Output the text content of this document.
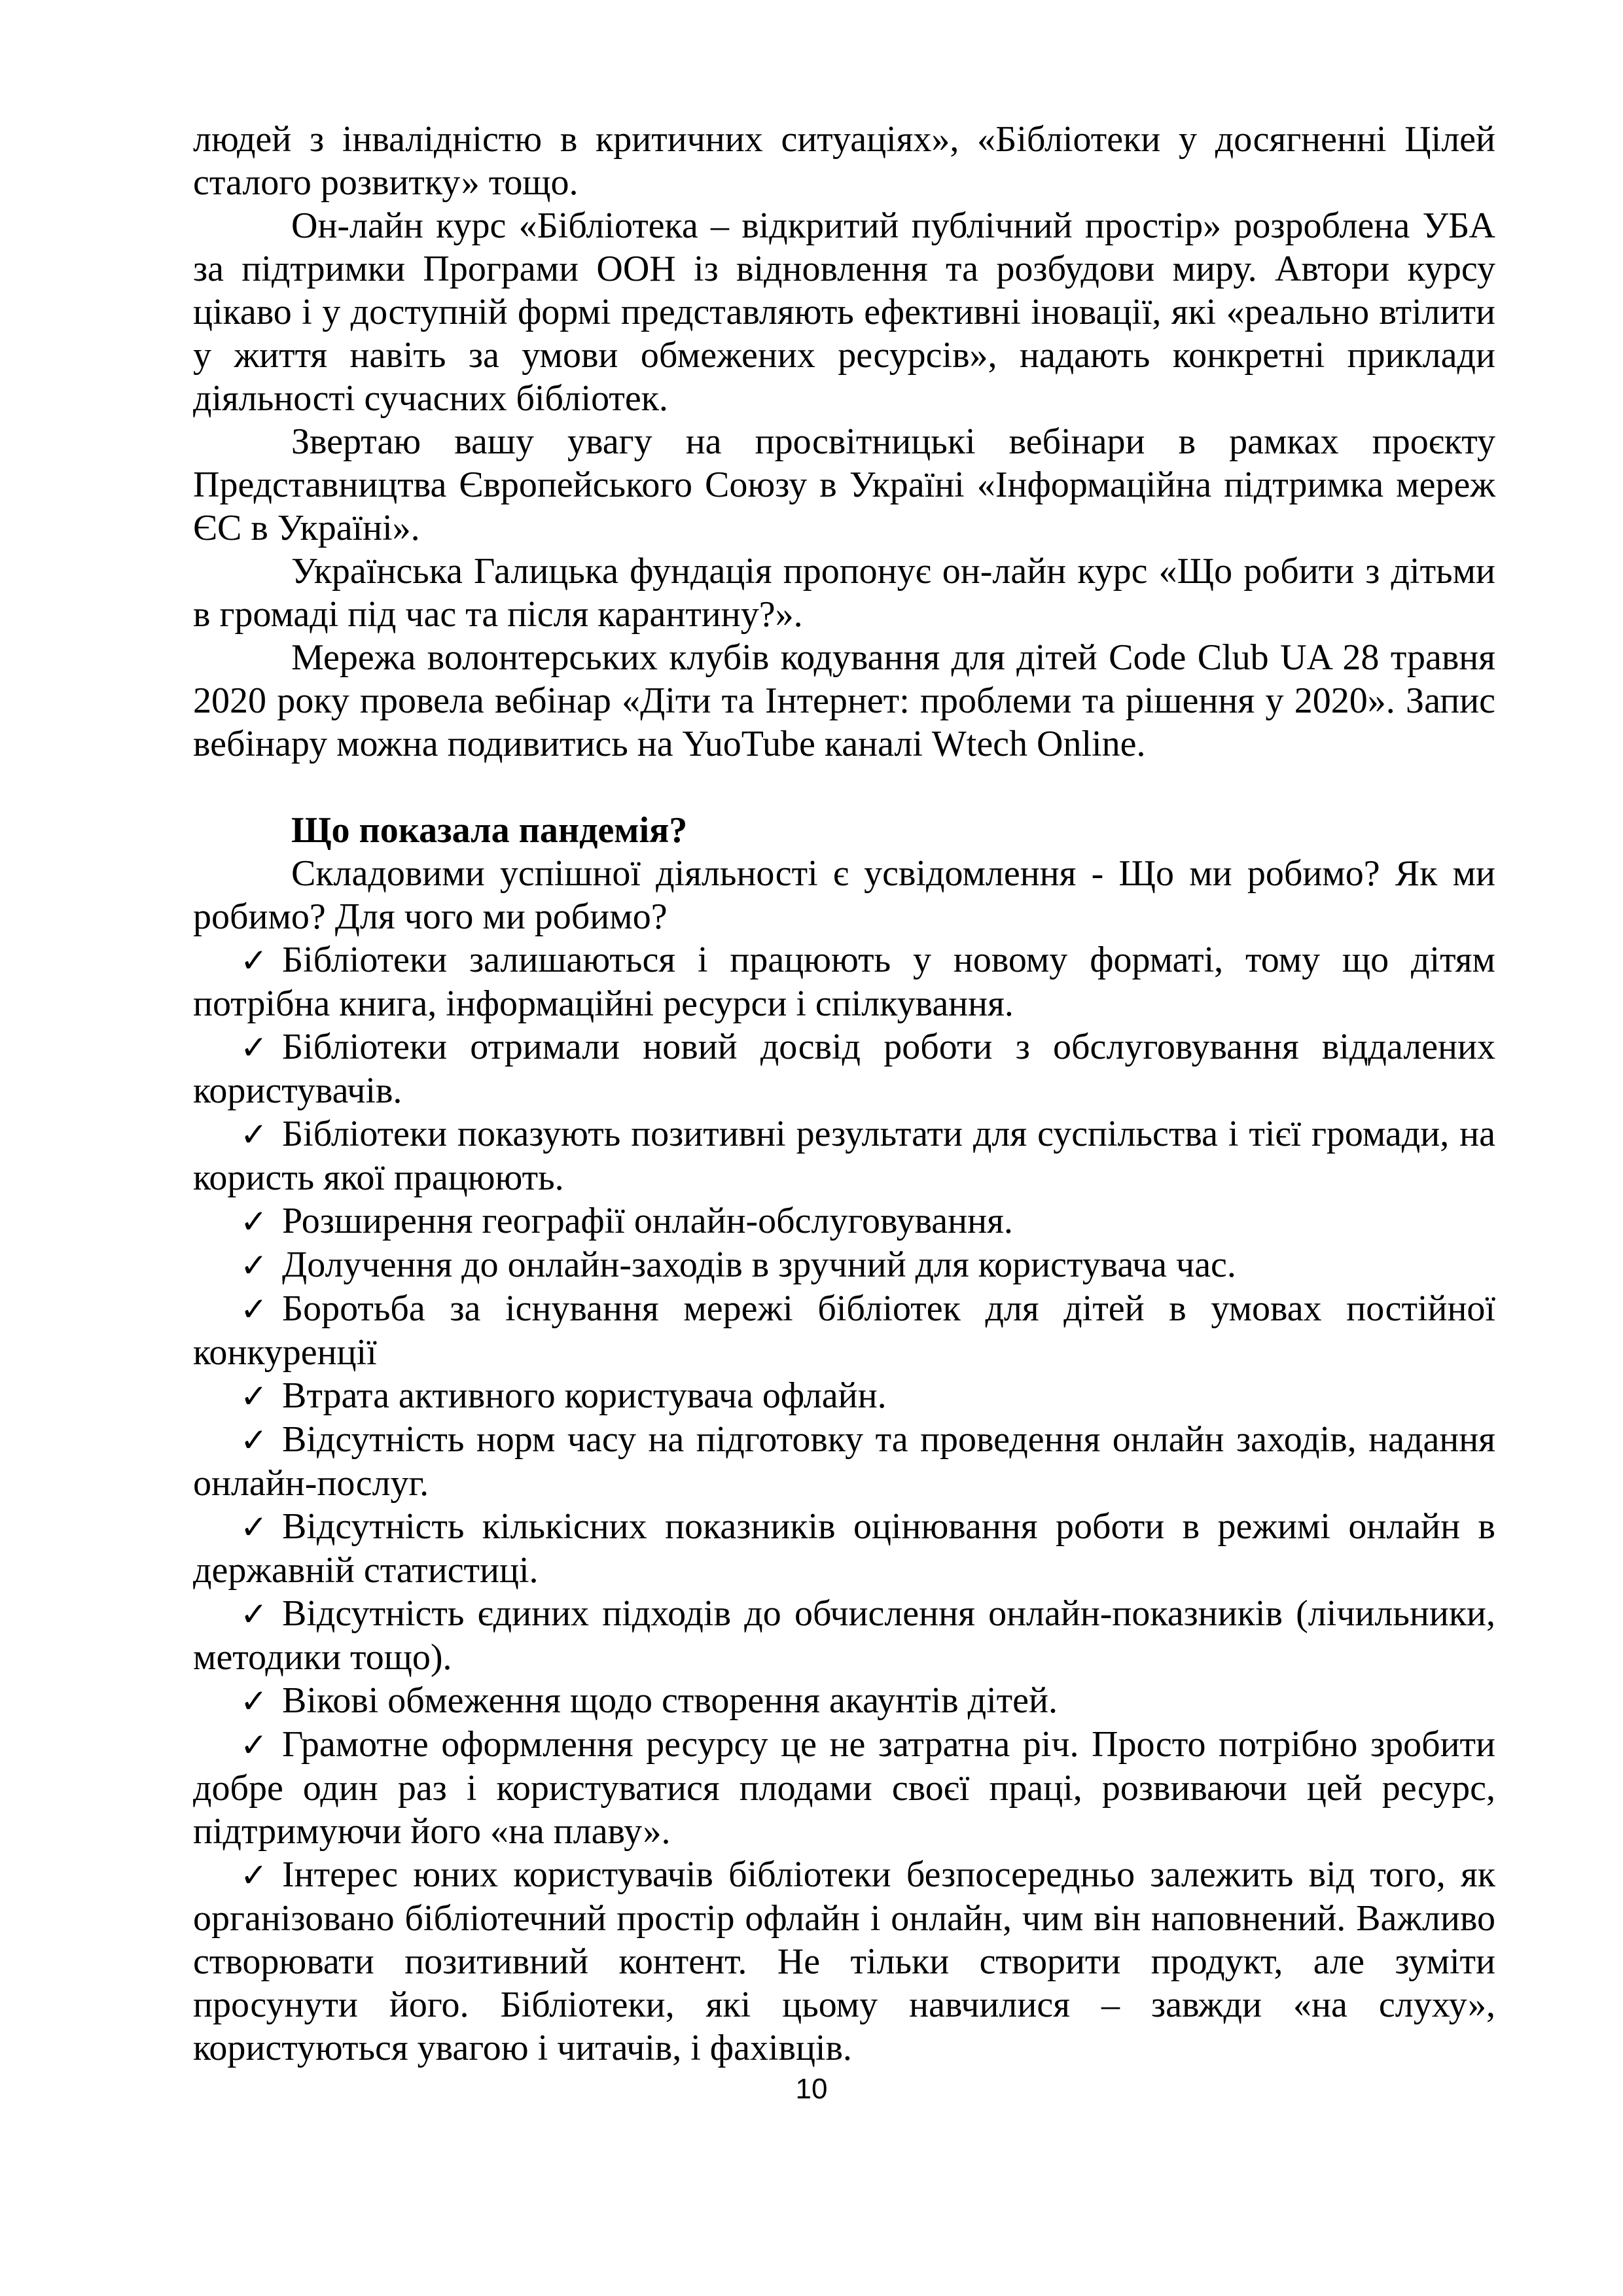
людей з інвалідністю в критичних ситуаціях», «Бібліотеки у досягненні Цілей сталого розвитку» тощо.

Он-лайн курс «Бібліотека – відкритий публічний простір» розроблена УБА за підтримки Програми ООН із відновлення та розбудови миру. Автори курсу цікаво і у доступній формі представляють ефективні іновації, які «реально втілити у життя навіть за умови обмежених ресурсів», надають конкретні приклади діяльності сучасних бібліотек.

Звертаю вашу увагу на просвітницькі вебінари в рамках проєкту Представництва Європейського Союзу в Україні «Інформаційна підтримка мереж ЄС в Україні».

Українська Галицька фундація пропонує он-лайн курс «Що робити з дітьми в громаді під час та після карантину?».

Мережа волонтерських клубів кодування для дітей Code Club UA 28 травня 2020 року провела вебінар «Діти та Інтернет: проблеми та рішення у 2020». Запис вебінару можна подивитись на YuoTube каналі Wtech Online.

Що показала пандемія?

Складовими успішної діяльності є усвідомлення - Що ми робимо? Як ми робимо? Для чого ми робимо?

✓ Бібліотеки залишаються і працюють у новому форматі, тому що дітям потрібна книга, інформаційні ресурси і спілкування.
✓ Бібліотеки отримали новий досвід роботи з обслуговування віддалених користувачів.
✓ Бібліотеки показують позитивні результати для суспільства і тієї громади, на користь якої працюють.
✓ Розширення географії онлайн-обслуговування.
✓ Долучення до онлайн-заходів в зручний для користувача час.
✓ Боротьба за існування мережі бібліотек для дітей в умовах постійної конкуренції
✓ Втрата активного користувача офлайн.
✓ Відсутність норм часу на підготовку та проведення онлайн заходів, надання онлайн-послуг.
✓ Відсутність кількісних показників оцінювання роботи в режимі онлайн в державній статистиці.
✓ Відсутність єдиних підходів до обчислення онлайн-показників (лічильники, методики тощо).
✓ Вікові обмеження щодо створення акаунтів дітей.
✓ Грамотне оформлення ресурсу це не затратна річ. Просто потрібно зробити добре один раз і користуватися плодами своєї праці, розвиваючи цей ресурс, підтримуючи його «на плаву».
✓ Інтерес юних користувачів бібліотеки безпосередньо залежить від того, як організовано бібліотечний простір офлайн і онлайн, чим він наповнений. Важливо створювати позитивний контент. Не тільки створити продукт, але зуміти просунути його. Бібліотеки, які цьому навчилися – завжди «на слуху», користуються увагою і читачів, і фахівців.
10
